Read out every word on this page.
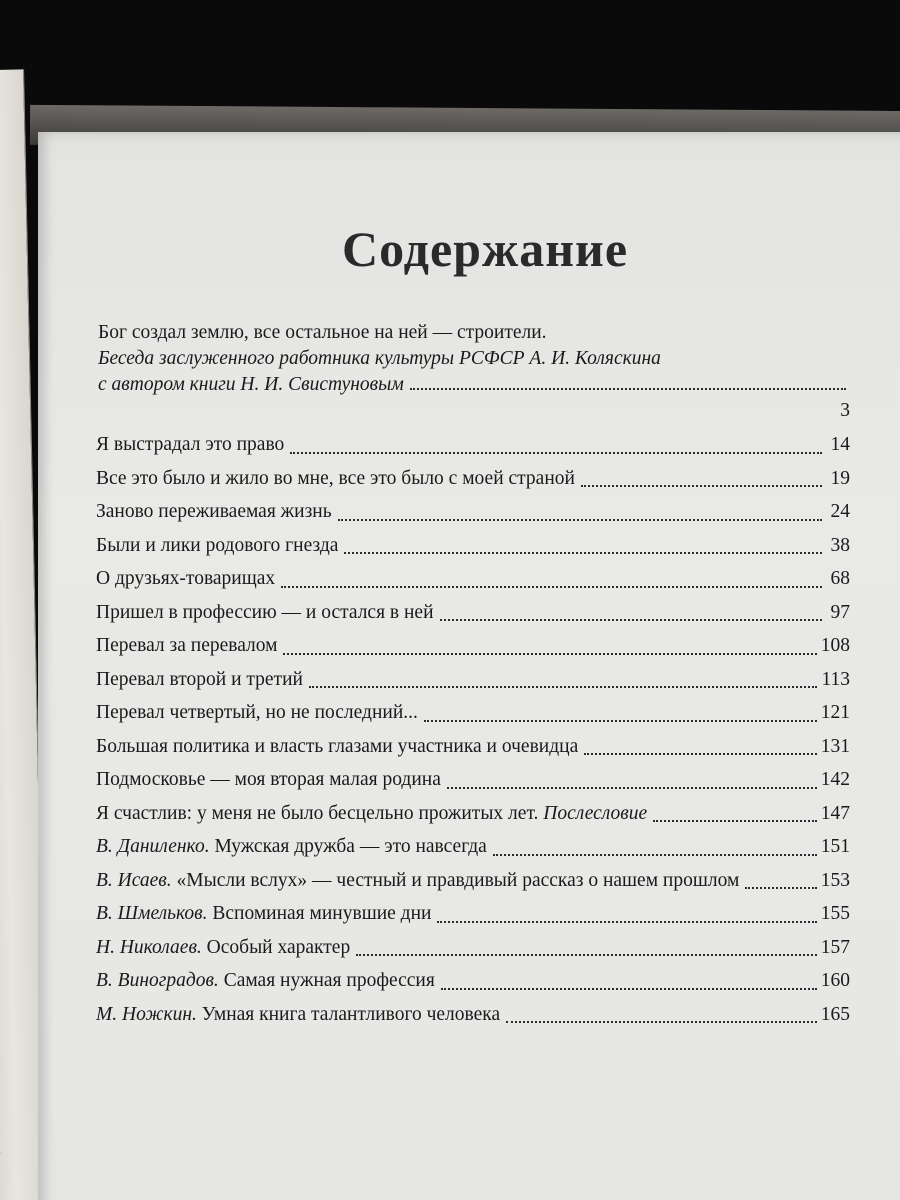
Содержание
Бог создал землю, все остальное на ней — строители.
Беседа заслуженного работника культуры РСФСР А. И. Коляскина
с автором книги Н. И. Свистуновым
3
Я выстрадал это право	14
Все это было и жило во мне, все это было с моей страной	19
Заново переживаемая жизнь	24
Были и лики родового гнезда	38
О друзьях-товарищах	68
Пришел в профессию — и остался в ней	97
Перевал за перевалом	108
Перевал второй и третий	113
Перевал четвертый, но не последний...	121
Большая политика и власть глазами участника и очевидца	131
Подмосковье — моя вторая малая родина	142
Я счастлив: у меня не было бесцельно прожитых лет. Послесловие	147
В. Даниленко. Мужская дружба — это навсегда	151
В. Исаев. «Мысли вслух» — честный и правдивый рассказ о нашем прошлом	153
В. Шмельков. Вспоминая минувшие дни	155
Н. Николаев. Особый характер	157
В. Виноградов. Самая нужная профессия	160
М. Ножкин. Умная книга талантливого человека	165
